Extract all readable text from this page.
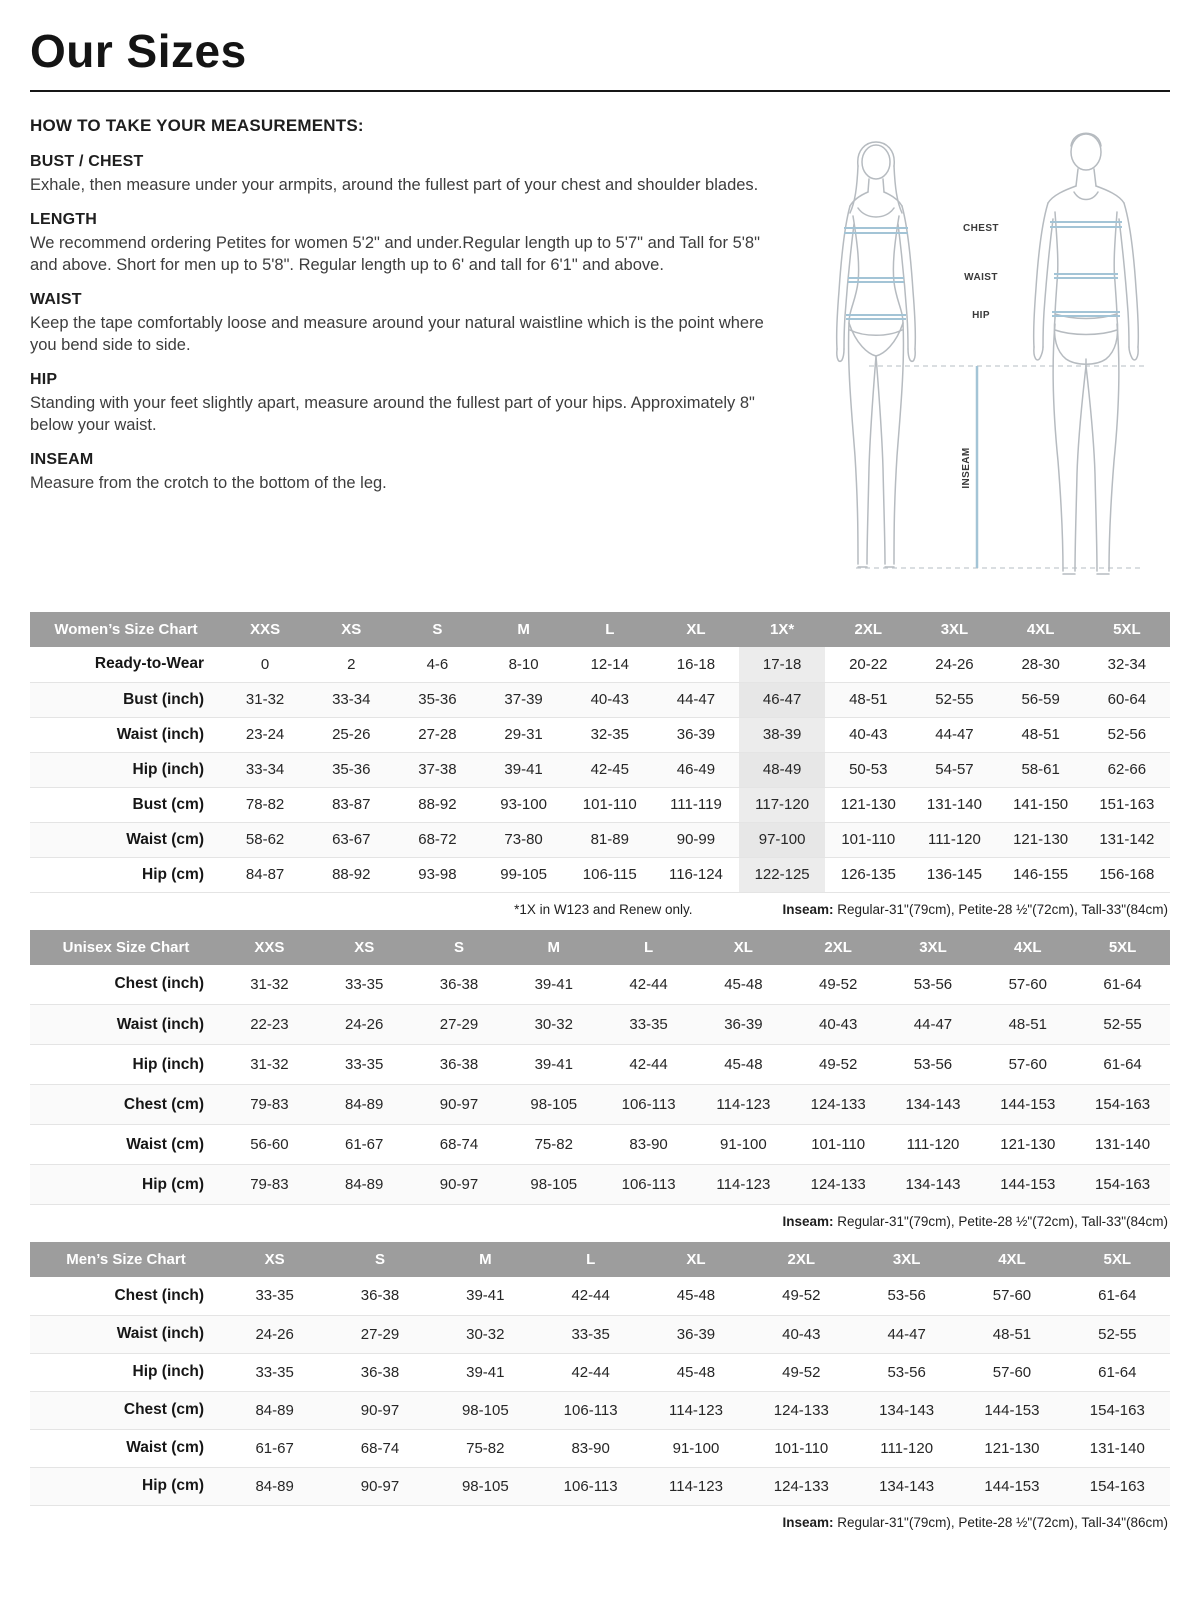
Our Sizes
HOW TO TAKE YOUR MEASUREMENTS:
BUST / CHEST
Exhale, then measure under your armpits, around the fullest part of your chest and shoulder blades.
LENGTH
We recommend ordering Petites for women 5'2" and under.Regular length up to 5'7" and Tall for 5'8" and above. Short for men up to 5'8". Regular length up to 6' and tall for 6'1" and above.
WAIST
Keep the tape comfortably loose and measure around your natural waistline which is the point where you bend side to side.
HIP
Standing with your feet slightly apart, measure around the fullest part of your hips. Approximately 8" below your waist.
INSEAM
Measure from the crotch to the bottom of the leg.
CHEST
WAIST
HIP
INSEAM
Women’s Size Chart	XXS	XS	S	M	L	XL	1X*	2XL	3XL	4XL	5XL
Ready-to-Wear	0	2	4-6	8-10	12-14	16-18	17-18	20-22	24-26	28-30	32-34
Bust (inch)	31-32	33-34	35-36	37-39	40-43	44-47	46-47	48-51	52-55	56-59	60-64
Waist (inch)	23-24	25-26	27-28	29-31	32-35	36-39	38-39	40-43	44-47	48-51	52-56
Hip (inch)	33-34	35-36	37-38	39-41	42-45	46-49	48-49	50-53	54-57	58-61	62-66
Bust (cm)	78-82	83-87	88-92	93-100	101-110	111-119	117-120	121-130	131-140	141-150	151-163
Waist (cm)	58-62	63-67	68-72	73-80	81-89	90-99	97-100	101-110	111-120	121-130	131-142
Hip (cm)	84-87	88-92	93-98	99-105	106-115	116-124	122-125	126-135	136-145	146-155	156-168
*1X in W123 and Renew only.	Inseam: Regular-31"(79cm), Petite-28 ½"(72cm), Tall-33"(84cm)
Unisex Size Chart	XXS	XS	S	M	L	XL	2XL	3XL	4XL	5XL
Chest (inch)	31-32	33-35	36-38	39-41	42-44	45-48	49-52	53-56	57-60	61-64
Waist (inch)	22-23	24-26	27-29	30-32	33-35	36-39	40-43	44-47	48-51	52-55
Hip (inch)	31-32	33-35	36-38	39-41	42-44	45-48	49-52	53-56	57-60	61-64
Chest (cm)	79-83	84-89	90-97	98-105	106-113	114-123	124-133	134-143	144-153	154-163
Waist (cm)	56-60	61-67	68-74	75-82	83-90	91-100	101-110	111-120	121-130	131-140
Hip (cm)	79-83	84-89	90-97	98-105	106-113	114-123	124-133	134-143	144-153	154-163
Inseam: Regular-31"(79cm), Petite-28 ½"(72cm), Tall-33"(84cm)
Men’s Size Chart	XS	S	M	L	XL	2XL	3XL	4XL	5XL
Chest (inch)	33-35	36-38	39-41	42-44	45-48	49-52	53-56	57-60	61-64
Waist (inch)	24-26	27-29	30-32	33-35	36-39	40-43	44-47	48-51	52-55
Hip (inch)	33-35	36-38	39-41	42-44	45-48	49-52	53-56	57-60	61-64
Chest (cm)	84-89	90-97	98-105	106-113	114-123	124-133	134-143	144-153	154-163
Waist (cm)	61-67	68-74	75-82	83-90	91-100	101-110	111-120	121-130	131-140
Hip (cm)	84-89	90-97	98-105	106-113	114-123	124-133	134-143	144-153	154-163
Inseam: Regular-31"(79cm), Petite-28 ½"(72cm), Tall-34"(86cm)
